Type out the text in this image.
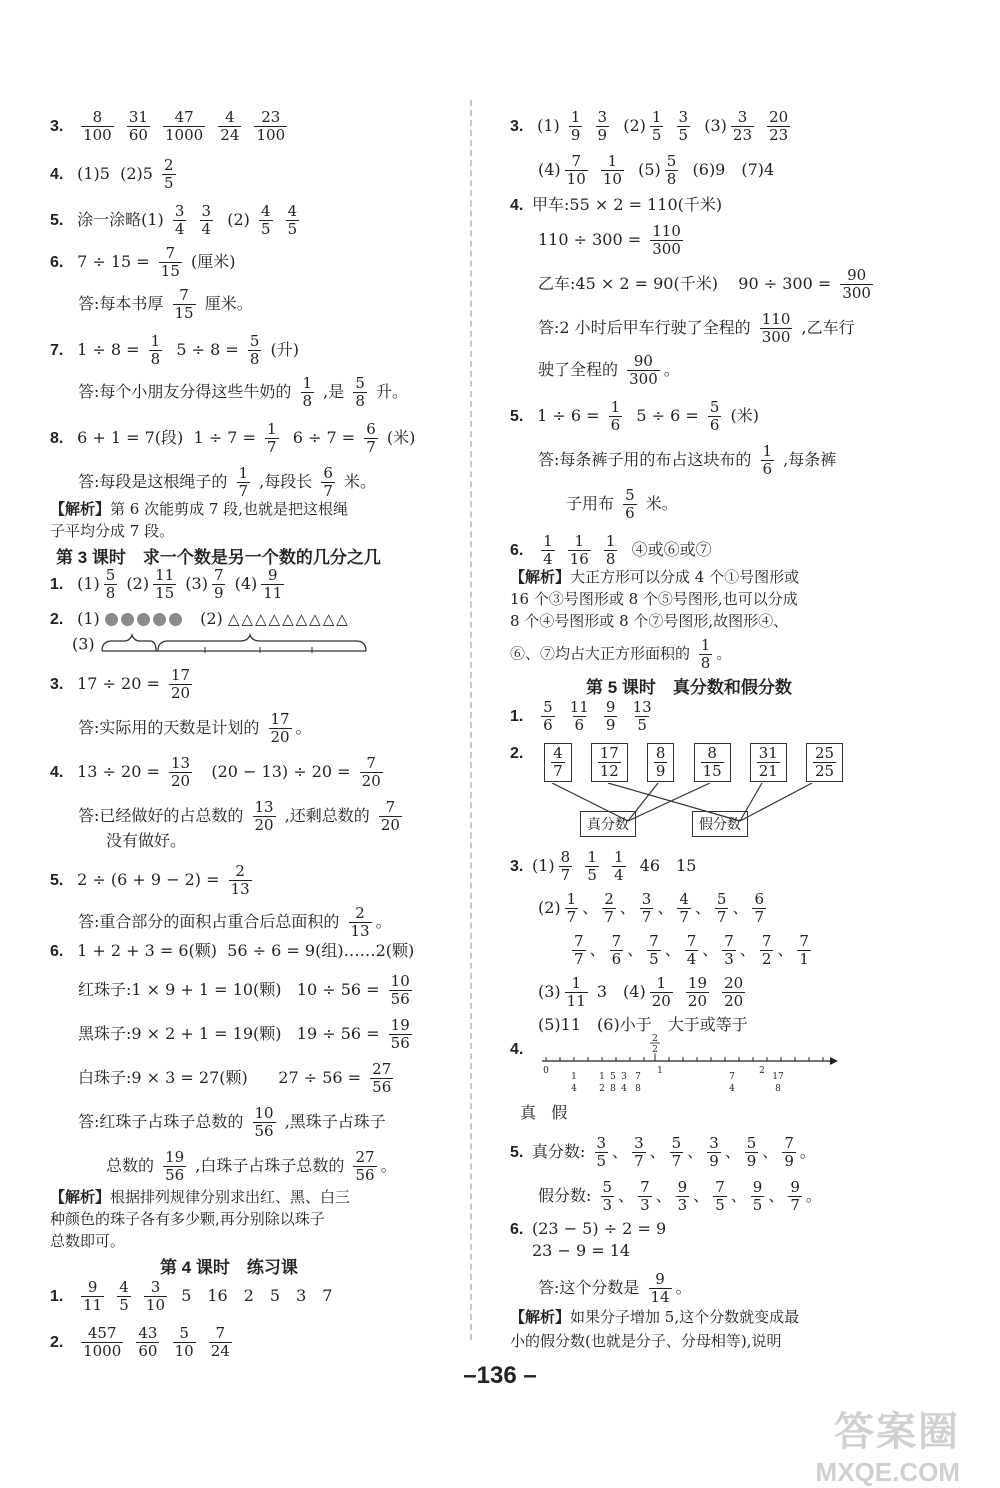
3. $\frac{8}{100}$
$\frac{31}{60}$
$\frac{47}{1000}$
$\frac{4}{24}$
$\frac{23}{100}$
4. (1)5 $(2)5 \frac{2}{5}$
5. 涂一涂略$(1) \frac{3}{4}$
$\frac{3}{4} (2) \frac{4}{5}$
$\frac{4}{5}$
6. $7 \div 15 = \frac{7}{15}$ (厘米)
答:每本书厚 $\frac{7}{15}$ 厘米。
7. $1 \div 8 = \frac{1}{8} 5 \div 8 = \frac{5}{8}$ (升)
答:每个小朋友分得这些牛奶的 $\frac{1}{8}$ ,是 $\frac{5}{8}$ 升。
8. 6 + 1 = 7(段) $1 \div 7 = \frac{1}{7} 6 \div 7 = \frac{6}{7}$ (米)
答:每段是这根绳子的 $\frac{1}{7}$ ,每段长 $\frac{6}{7}$ 米。
【解析】第 6 次能剪成 7 段,也就是把这根绳
子平均分成 7 段。
第 3 课时　求一个数是另一个数的几分之几
1. $(1) \frac{5}{8} (2) \frac{11}{15} (3) \frac{7}{9} (4) \frac{9}{11}$
2. (1)	(2) △ △ △ △ △ △ △ △ △
(3)
3. $17 \div 20 = \frac{17}{20}$
答:实际用的天数是计划的 $\frac{17}{20}$ 。
4. $13 \div 20 = \frac{13}{20} (20 - 13) \div 20 = \frac{7}{20}$
答:已经做好的占总数的 $\frac{13}{20}$ ,还剩总数的 $\frac{7}{20}$
没有做好。
5. $2 \div (6 + 9 - 2) = \frac{2}{13}$
答:重合部分的面积占重合后总面积的 $\frac{2}{13}$ 。
6. 1 + 2 + 3 = 6(颗) 56 ÷ 6 = 9(组)……2(颗)
红珠子:1 × 9 + 1 = 10(颗) $10 \div 56 = \frac{10}{56}$
黑珠子:9 × 2 + 1 = 19(颗) $19 \div 56 = \frac{19}{56}$
白珠子:9 × 3 = 27(颗) $27 \div 56 = \frac{27}{56}$
答:红珠子占珠子总数的 $\frac{10}{56}$ ,黑珠子占珠子
总数的 $\frac{19}{56}$ ,白珠子占珠子总数的 $\frac{27}{56}$ 。
【解析】根据排列规律分别求出红、黑、白三
种颜色的珠子各有多少颗,再分别除以珠子
总数即可。
第 4 课时　练习课
1. $\frac{9}{11}$
$\frac{4}{5}$
$\frac{3}{10} 5$　16　2　5　3　7
2. $\frac{457}{1000}$
$\frac{43}{60}$
$\frac{5}{10}$
$\frac{7}{24}$
3. $(1) \frac{1}{9}$
$\frac{3}{9} (2) \frac{1}{5}$
$\frac{3}{5} (3) \frac{3}{23}$
$\frac{20}{23}$
$(4) \frac{7}{10}$
$\frac{1}{10} (5) \frac{5}{8} (6)9$　(7)4
4. 甲车:55 × 2 = 110(千米)
$110 \div 300 = \frac{110}{300}$
乙车:45 × 2 = 90(千米) $90 \div 300 = \frac{90}{300}$
答:2 小时后甲车行驶了全程的 $\frac{110}{300}$ ,乙车行
驶了全程的 $\frac{90}{300}$ 。
5. $1 \div 6 = \frac{1}{6} 5 \div 6 = \frac{5}{6}$ (米)
答:每条裤子用的布占这块布的 $\frac{1}{6}$ ,每条裤
子用布 $\frac{5}{6}$ 米。
6. $\frac{1}{4}$
$\frac{1}{16}$
$\frac{1}{8}$ ④或⑥或⑦
【解析】大正方形可以分成 4 个①号图形或
16 个③号图形或 8 个⑤号图形,也可以分成
8 个④号图形或 8 个⑦号图形,故图形④、
⑥、⑦均占大正方形面积的 $\frac{1}{8}$ 。
第 5 课时　真分数和假分数
1. $\frac{5}{6}$
$\frac{11}{6}$
$\frac{9}{9}$
$\frac{13}{5}$
2. $\frac{4}{7}$
$\frac{17}{12}$
$\frac{8}{9}$
$\frac{8}{15}$
$\frac{31}{21}$
$\frac{25}{25}$
真分数	假分数
3. $(1) \frac{8}{7}$
$\frac{1}{5}$
$\frac{1}{4} 46$　15
$(2) \frac{1}{7}$ 、 $\frac{2}{7}$ 、 $\frac{3}{7}$ 、 $\frac{4}{7}$ 、 $\frac{5}{7}$ 、 $\frac{6}{7}$
$\frac{7}{7}$ 、 $\frac{7}{6}$ 、 $\frac{7}{5}$ 、 $\frac{7}{4}$ 、 $\frac{7}{3}$ 、 $\frac{7}{2}$ 、 $\frac{7}{1}$
$(3) \frac{1}{11} 3$　$(4) \frac{1}{20}$
$\frac{19}{20}$
$\frac{20}{20}$
(5)11　(6)小于　大于或等于
4.
2
2
0
1
4
1
2
5
8
3
4
7
8
1
7
4
2
17
8
真 假
5. 真分数: $\frac{3}{5}$ 、 $\frac{3}{7}$ 、 $\frac{5}{7}$ 、 $\frac{3}{9}$ 、 $\frac{5}{9}$ 、 $\frac{7}{9}$ 。
假分数: $\frac{5}{3}$ 、 $\frac{7}{3}$ 、 $\frac{9}{3}$ 、 $\frac{7}{5}$ 、 $\frac{9}{5}$ 、 $\frac{9}{7}$ 。
6. (23 − 5) ÷ 2 = 9
23 − 9 = 14
答:这个分数是 $\frac{9}{14}$ 。
【解析】如果分子增加 5,这个分数就变成最
小的假分数(也就是分子、分母相等),说明
–136 –
答案圈
MXQE.COM
